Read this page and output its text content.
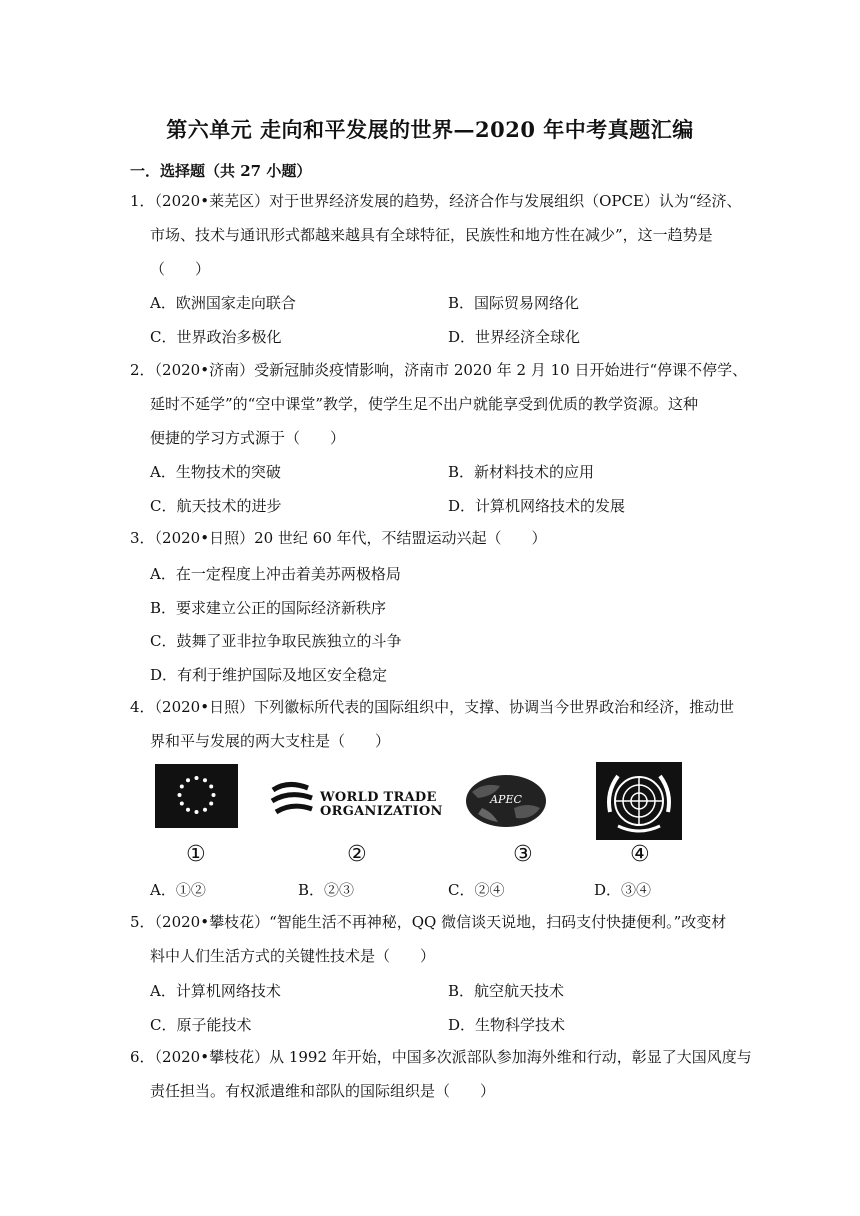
第六单元 走向和平发展的世界—2020 年中考真题汇编
一．选择题（共 27 小题）
1．（2020•莱芜区）对于世界经济发展的趋势，经济合作与发展组织（OPCE）认为“经济、
市场、技术与通讯形式都越来越具有全球特征，民族性和地方性在减少”，这一趋势是
（　　）
A．欧洲国家走向联合	B．国际贸易网络化
C．世界政治多极化	D．世界经济全球化
2．（2020•济南）受新冠肺炎疫情影响，济南市 2020 年 2 月 10 日开始进行“停课不停学、
延时不延学”的“空中课堂”教学，使学生足不出户就能享受到优质的教学资源。这种
便捷的学习方式源于（　　）
A．生物技术的突破	B．新材料技术的应用
C．航天技术的进步	D．计算机网络技术的发展
3．（2020•日照）20 世纪 60 年代，不结盟运动兴起（　　）
A．在一定程度上冲击着美苏两极格局
B．要求建立公正的国际经济新秩序
C．鼓舞了亚非拉争取民族独立的斗争
D．有利于维护国际及地区安全稳定
4．（2020•日照）下列徽标所代表的国际组织中，支撑、协调当今世界政治和经济，推动世
界和平与发展的两大支柱是（　　）
WORLD TRADE
ORGANIZATION
APEC
①	②	③	④
A．①②	B．②③	C．②④	D．③④
5．（2020•攀枝花）“智能生活不再神秘，QQ 微信谈天说地，扫码支付快捷便利。”改变材
料中人们生活方式的关键性技术是（　　）
A．计算机网络技术	B．航空航天技术
C．原子能技术	D．生物科学技术
6．（2020•攀枝花）从 1992 年开始，中国多次派部队参加海外维和行动，彰显了大国风度与
责任担当。有权派遣维和部队的国际组织是（　　）
